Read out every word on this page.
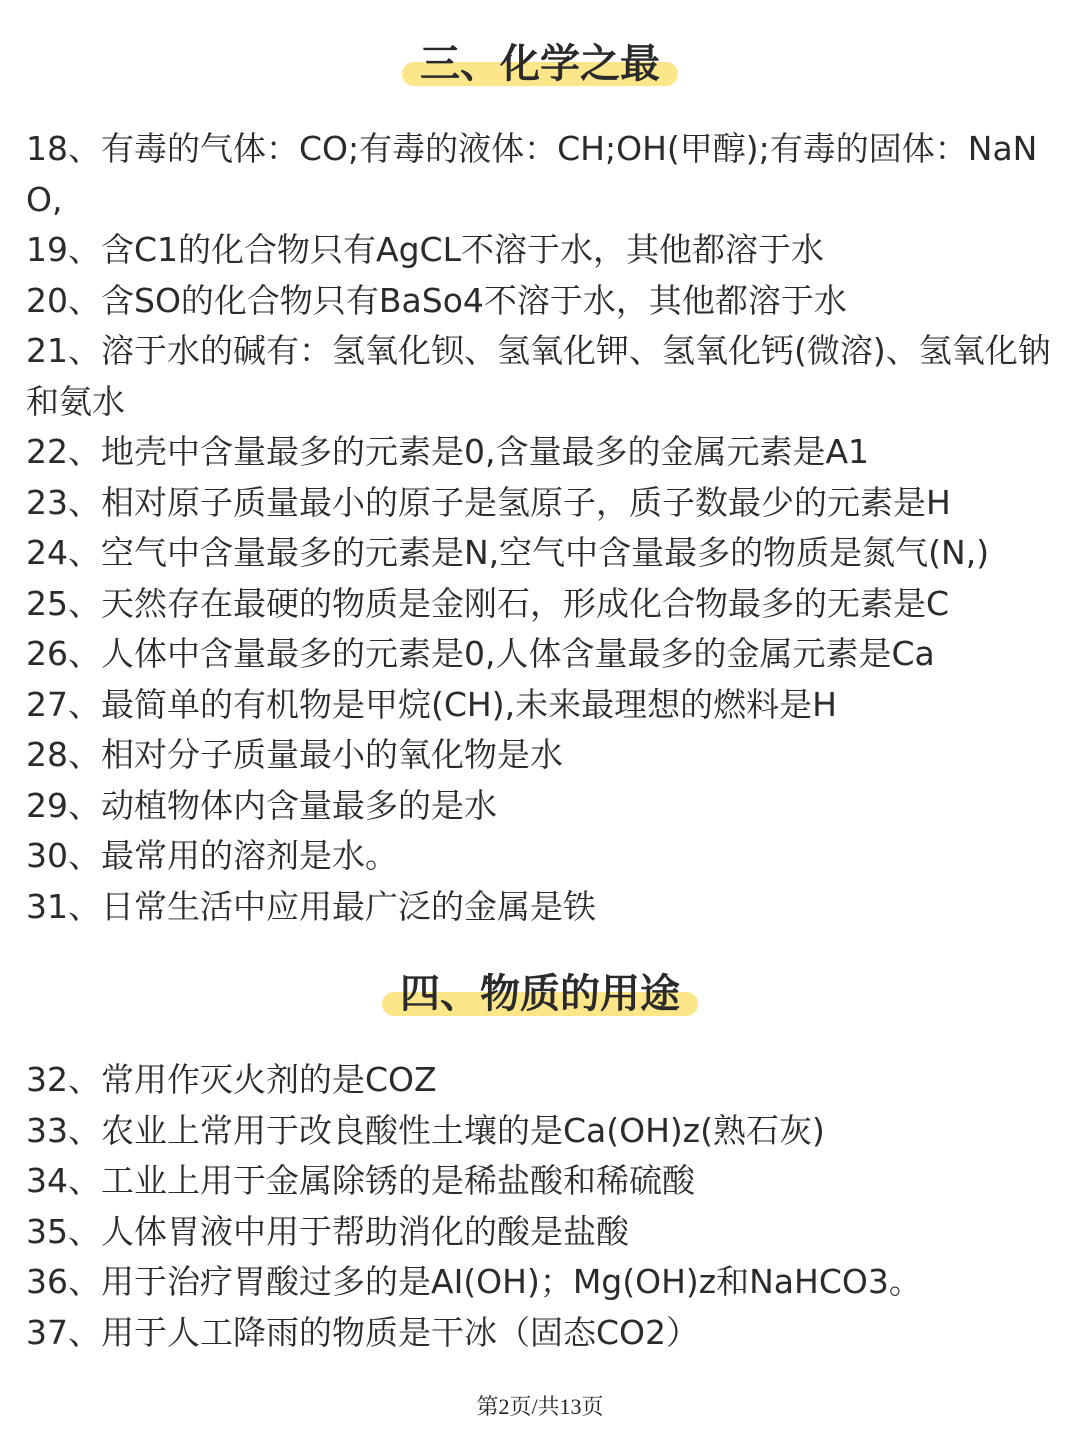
三、化学之最
18、有毒的气体：CO;有毒的液体：CH;OH(甲醇);有毒的固体：NaNO,
19、含C1的化合物只有AgCL不溶于水，其他都溶于水
20、含SO的化合物只有BaSo4不溶于水，其他都溶于水
21、溶于水的碱有：氢氧化钡、氢氧化钾、氢氧化钙(微溶)、氢氧化钠和氨水
22、地壳中含量最多的元素是0,含量最多的金属元素是A1
23、相对原子质量最小的原子是氢原子，质子数最少的元素是H
24、空气中含量最多的元素是N,空气中含量最多的物质是氮气(N,)
25、天然存在最硬的物质是金刚石，形成化合物最多的无素是C
26、人体中含量最多的元素是0,人体含量最多的金属元素是Ca
27、最简单的有机物是甲烷(CH),未来最理想的燃料是H
28、相对分子质量最小的氧化物是水
29、动植物体内含量最多的是水
30、最常用的溶剂是水。
31、日常生活中应用最广泛的金属是铁
四、物质的用途
32、常用作灭火剂的是COZ
33、农业上常用于改良酸性土壤的是Ca(OH)z(熟石灰)
34、工业上用于金属除锈的是稀盐酸和稀硫酸
35、人体胃液中用于帮助消化的酸是盐酸
36、用于治疗胃酸过多的是AI(OH)；Mg(OH)z和NaHCO3。
37、用于人工降雨的物质是干冰（固态CO2）
第2页/共13页
